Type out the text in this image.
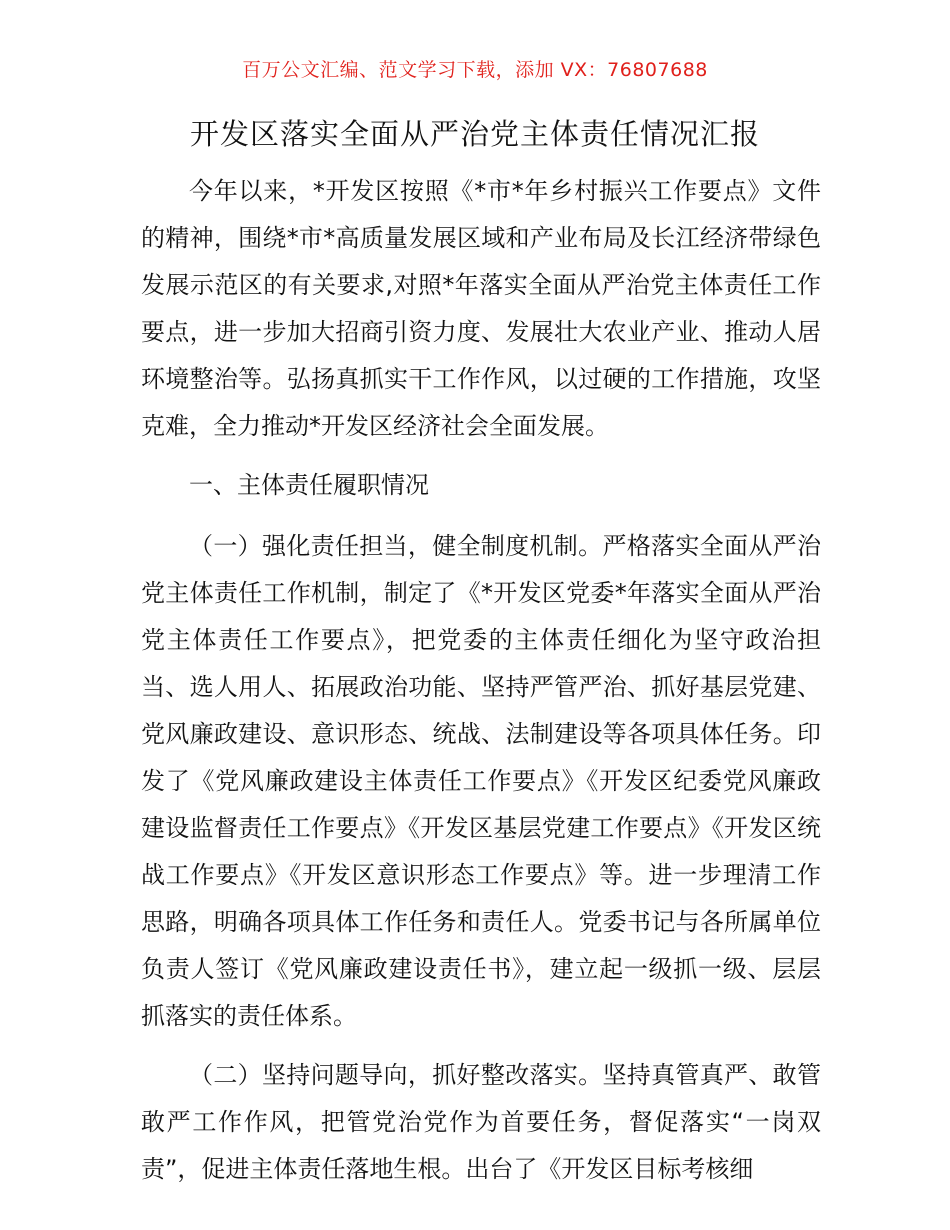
百万公文汇编、范文学习下载，添加 VX：76807688
开发区落实全面从严治党主体责任情况汇报

今年以来，*开发区按照《*市*年乡村振兴工作要点》文件的精神，围绕*市*高质量发展区域和产业布局及长江经济带绿色发展示范区的有关要求,对照*年落实全面从严治党主体责任工作要点，进一步加大招商引资力度、发展壮大农业产业、推动人居环境整治等。弘扬真抓实干工作作风，以过硬的工作措施，攻坚克难，全力推动*开发区经济社会全面发展。

一、主体责任履职情况

（一）强化责任担当，健全制度机制。严格落实全面从严治党主体责任工作机制，制定了《*开发区党委*年落实全面从严治党主体责任工作要点》，把党委的主体责任细化为坚守政治担当、选人用人、拓展政治功能、坚持严管严治、抓好基层党建、党风廉政建设、意识形态、统战、法制建设等各项具体任务。印发了《党风廉政建设主体责任工作要点》《开发区纪委党风廉政建设监督责任工作要点》《开发区基层党建工作要点》《开发区统战工作要点》《开发区意识形态工作要点》等。进一步理清工作思路，明确各项具体工作任务和责任人。党委书记与各所属单位负责人签订《党风廉政建设责任书》，建立起一级抓一级、层层抓落实的责任体系。

（二）坚持问题导向，抓好整改落实。坚持真管真严、敢管敢严工作作风，把管党治党作为首要任务，督促落实“一岗双责”，促进主体责任落地生根。出台了《开发区目标考核细
